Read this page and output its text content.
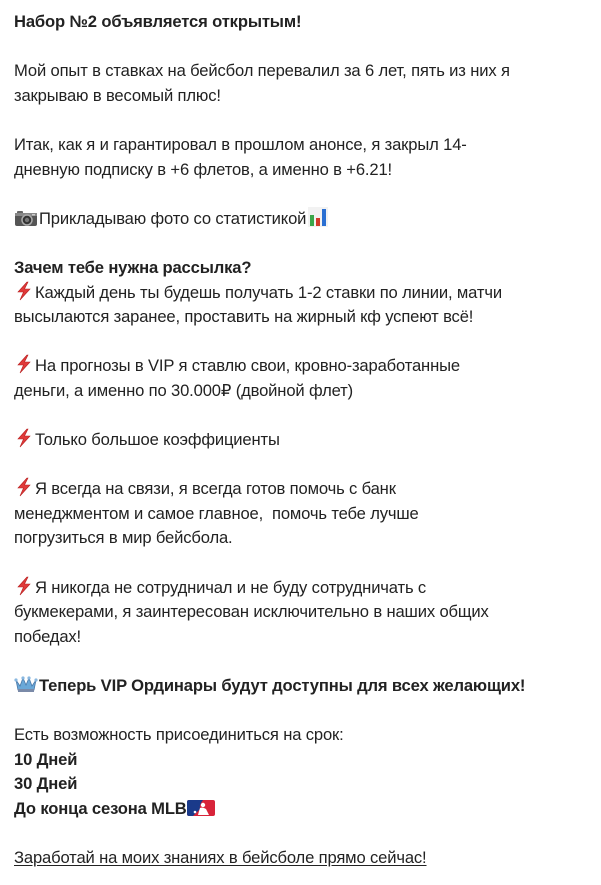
Набор №2 объявляется открытым!
Мой опыт в ставках на бейсбол перевалил за 6 лет, пять из них я
закрываю в весомый плюс!
Итак, как я и гарантировал в прошлом анонсе, я закрыл 14-
дневную подписку в +6 флетов, а именно в +6.21!
Прикладываю фото со статистикой
Зачем тебе нужна рассылка?
Каждый день ты будешь получать 1-2 ставки по линии, матчи
высылаются заранее, проставить на жирный кф успеют всё!
На прогнозы в VIP я ставлю свои, кровно-заработанные
деньги, а именно по 30.000₽ (двойной флет)
Только большое коэффициенты
Я всегда на связи, я всегда готов помочь с банк
менеджментом и самое главное,  помочь тебе лучше
погрузиться в мир бейсбола.
Я никогда не сотрудничал и не буду сотрудничать с
букмекерами, я заинтересован исключительно в наших общих
победах!
Теперь VIP Ординары будут доступны для всех желающих!
Есть возможность присоединиться на срок:
10 Дней
30 Дней
До конца сезона MLB
Заработай на моих знаниях в бейсболе прямо сейчас!
